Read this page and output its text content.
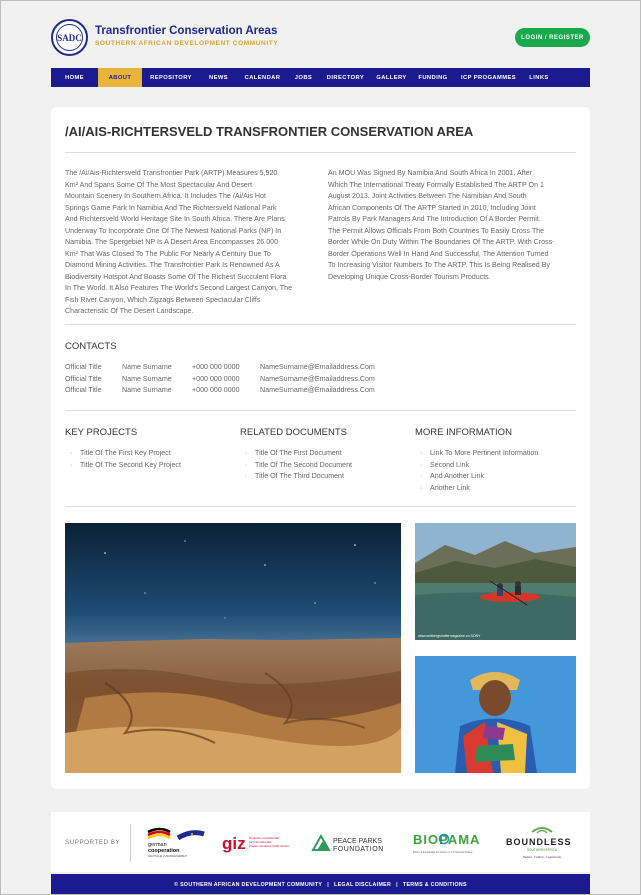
SADC
Transfrontier Conservation Areas
SOUTHERN AFRICAN DEVELOPMENT COMMUNITY
LOGIN / REGISTER
HOME	ABOUT	REPOSITORY	NEWS	CALENDAR	JOBS	DIRECTORY	GALLERY	FUNDING	ICP PROGAMMES	LINKS
/AI/AIS-RICHTERSVELD TRANSFRONTIER CONSERVATION AREA
The /Ai/Ais-Richtersveld Transfrontier Park (ARTP) Measures 5,920
Km² And Spans Some Of The Most Spectacular And Desert
Mountain Scenery In Southern Africa. It Includes The /Ai/Ais Hot
Springs Game Park In Namibia And The Richtersveld National Park
And Richtersveld World Heritage Site In South Africa. There Are Plans
Underway To Incorporate One Of The Newest National Parks (NP) In
Namibia. The Spergebiet NP Is A Desert Area Encompasses 26 000
Km² That Was Closed To The Public For Nearly A Century Due To
Diamond Mining Activities. The Transfrontier Park Is Renowned As A
Biodiversity Hotspot And Boasts Some Of The Richest Succulent Flora
In The World. It Also Features The World's Second Largest Canyon, The
Fish River Canyon, Which Zigzags Between Spectacular Cliffs
Characteristic Of The Desert Landscape.
An MOU Was Signed By Namibia And South Africa In 2001, After
Which The International Treaty Formally Established The ARTP On 1
August 2013. Joint Activities Between The Namibian And South
African Components Of The ARTP Started In 2010, Including Joint
Patrols By Park Managers And The Introduction Of A Border Permit.
The Permit Allows Officials From Both Countries To Easily Cross The
Border While On Duty Within The Boundaries Of The ARTP. With Cross-
Border Operations Well In Hand And Successful, The Attention Turned
To Increasing Visitor Numbers To The ARTP. This Is Being Realised By
Developing Unique Cross-Border Tourism Products.
CONTACTS
Official Title	Name Surname	+000 000 0000	NameSurname@Emailaddress.Com
Official Title	Name Surname	+000 000 0000	NameSurname@Emailaddress.Com
Official Title	Name Surname	+000 000 0000	NameSurname@Emailaddress.Com
KEY PROJECTS
· Title Of The First Key Project
· Title Of The Second Key Project
RELATED DOCUMENTS
· Title Of The First Document
· Title Of The Second Document
· Title Of The Third Document
MORE INFORMATION
· Link To More Pertinent Information
· Second Link
· And Another Link
· Another Link
www.sedbergshottermagazine.co SONY
SUPPORTED BY	german
cooperation
DEUTSCHE ZUSAMMENARBEIT
giz Deutsche Gesellschaft
für Internationale
Zusammenarbeit (GIZ) GmbH
PEACE PARKS
FOUNDATION
BIOPAMA
Parks & knowledge for Action on a Protected Planet
BOUNDLESS
SOUTHERN AFRICA
Nature, Culture, Community
© SOUTHERN AFRICAN DEVELOPMENT COMMUNITY | LEGAL DISCLAIMER | TERMS & CONDITIONS
